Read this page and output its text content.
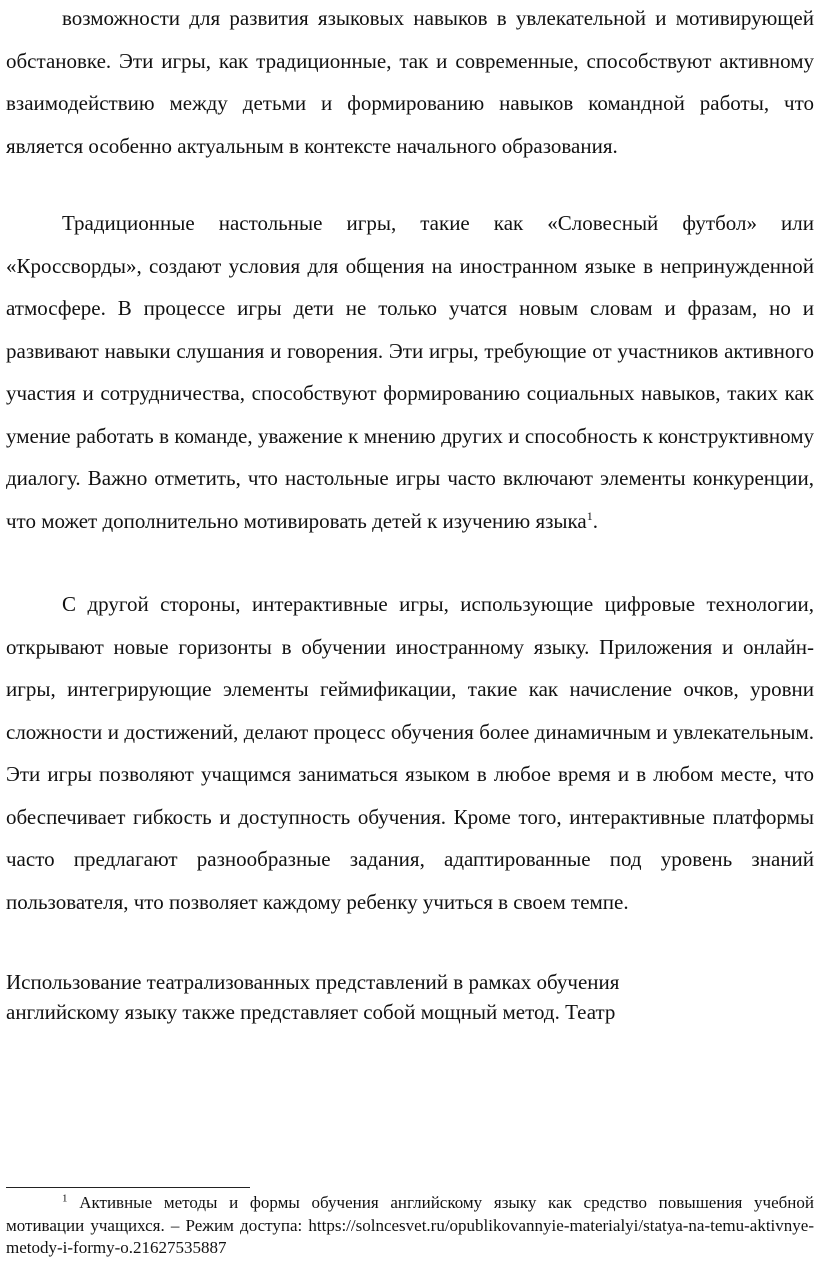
возможности для развития языковых навыков в увлекательной и мотивирующей обстановке. Эти игры, как традиционные, так и современные, способствуют активному взаимодействию между детьми и формированию навыков командной работы, что является особенно актуальным в контексте начального образования.

Традиционные настольные игры, такие как «Словесный футбол» или «Кроссворды», создают условия для общения на иностранном языке в непринужденной атмосфере. В процессе игры дети не только учатся новым словам и фразам, но и развивают навыки слушания и говорения. Эти игры, требующие от участников активного участия и сотрудничества, способствуют формированию социальных навыков, таких как умение работать в команде, уважение к мнению других и способность к конструктивному диалогу. Важно отметить, что настольные игры часто включают элементы конкуренции, что может дополнительно мотивировать детей к изучению языка$^1$.

С другой стороны, интерактивные игры, использующие цифровые технологии, открывают новые горизонты в обучении иностранному языку. Приложения и онлайн-игры, интегрирующие элементы геймификации, такие как начисление очков, уровни сложности и достижений, делают процесс обучения более динамичным и увлекательным. Эти игры позволяют учащимся заниматься языком в любое время и в любом месте, что обеспечивает гибкость и доступность обучения. Кроме того, интерактивные платформы часто предлагают разнообразные задания, адаптированные под уровень знаний пользователя, что позволяет каждому ребенку учиться в своем темпе.

Использование театрализованных представлений в рамках обучения
английскому языку также представляет собой мощный метод. Театр

$^1$ Активные методы и формы обучения английскому языку как средство повышения учебной мотивации учащихся. – Режим доступа: https://solncesvet.ru/opublikovannyie-materialyi/statya-na-temu-aktivnye-metody-i-formy-o.21627535887
